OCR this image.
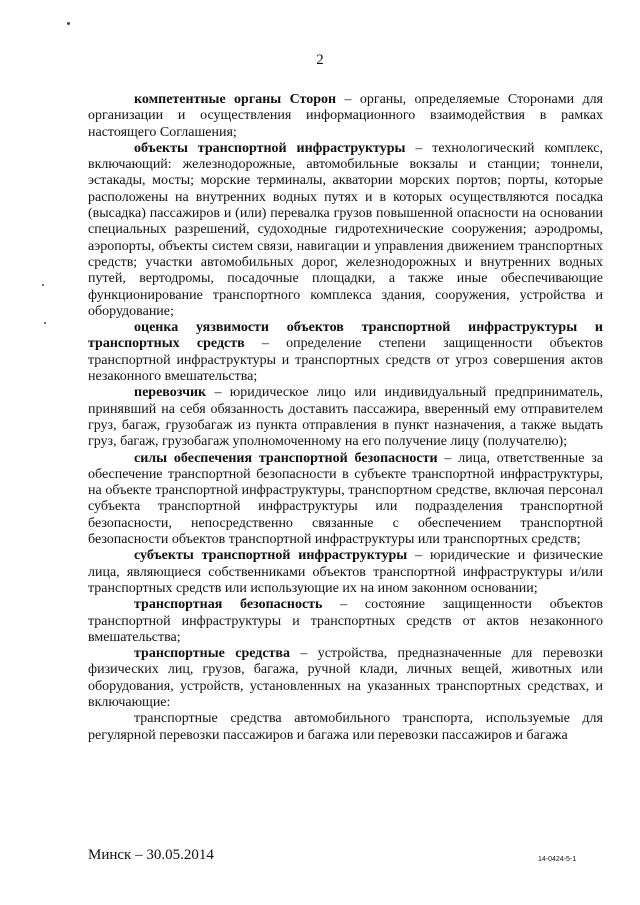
2

компетентные органы Сторон – органы, определяемые Сторонами для организации и осуществления информационного взаимодействия в рамках настоящего Соглашения;

объекты транспортной инфраструктуры – технологический комплекс, включающий: железнодорожные, автомобильные вокзалы и станции; тоннели, эстакады, мосты; морские терминалы, акватории морских портов; порты, которые расположены на внутренних водных путях и в которых осуществляются посадка (высадка) пассажиров и (или) перевалка грузов повышенной опасности на основании специальных разрешений, судоходные гидротехнические сооружения; аэродромы, аэропорты, объекты систем связи, навигации и управления движением транспортных средств; участки автомобильных дорог, железнодорожных и внутренних водных путей, вертодромы, посадочные площадки, а также иные обеспечивающие функционирование транспортного комплекса здания, сооружения, устройства и оборудование;

оценка уязвимости объектов транспортной инфраструктуры и транспортных средств – определение степени защищенности объектов транспортной инфраструктуры и транспортных средств от угроз совершения актов незаконного вмешательства;

перевозчик – юридическое лицо или индивидуальный предприниматель, принявший на себя обязанность доставить пассажира, вверенный ему отправителем груз, багаж, грузобагаж из пункта отправления в пункт назначения, а также выдать груз, багаж, грузобагаж уполномоченному на его получение лицу (получателю);

силы обеспечения транспортной безопасности – лица, ответственные за обеспечение транспортной безопасности в субъекте транспортной инфраструктуры, на объекте транспортной инфраструктуры, транспортном средстве, включая персонал субъекта транспортной инфраструктуры или подразделения транспортной безопасности, непосредственно связанные с обеспечением транспортной безопасности объектов транспортной инфраструктуры или транспортных средств;

субъекты транспортной инфраструктуры – юридические и физические лица, являющиеся собственниками объектов транспортной инфраструктуры и/или транспортных средств или использующие их на ином законном основании;

транспортная безопасность – состояние защищенности объектов транспортной инфраструктуры и транспортных средств от актов незаконного вмешательства;

транспортные средства – устройства, предназначенные для перевозки физических лиц, грузов, багажа, ручной клади, личных вещей, животных или оборудования, устройств, установленных на указанных транспортных средствах, и включающие:

транспортные средства автомобильного транспорта, используемые для регулярной перевозки пассажиров и багажа или перевозки пассажиров и багажа

Минск – 30.05.2014	14-0424-5-1
